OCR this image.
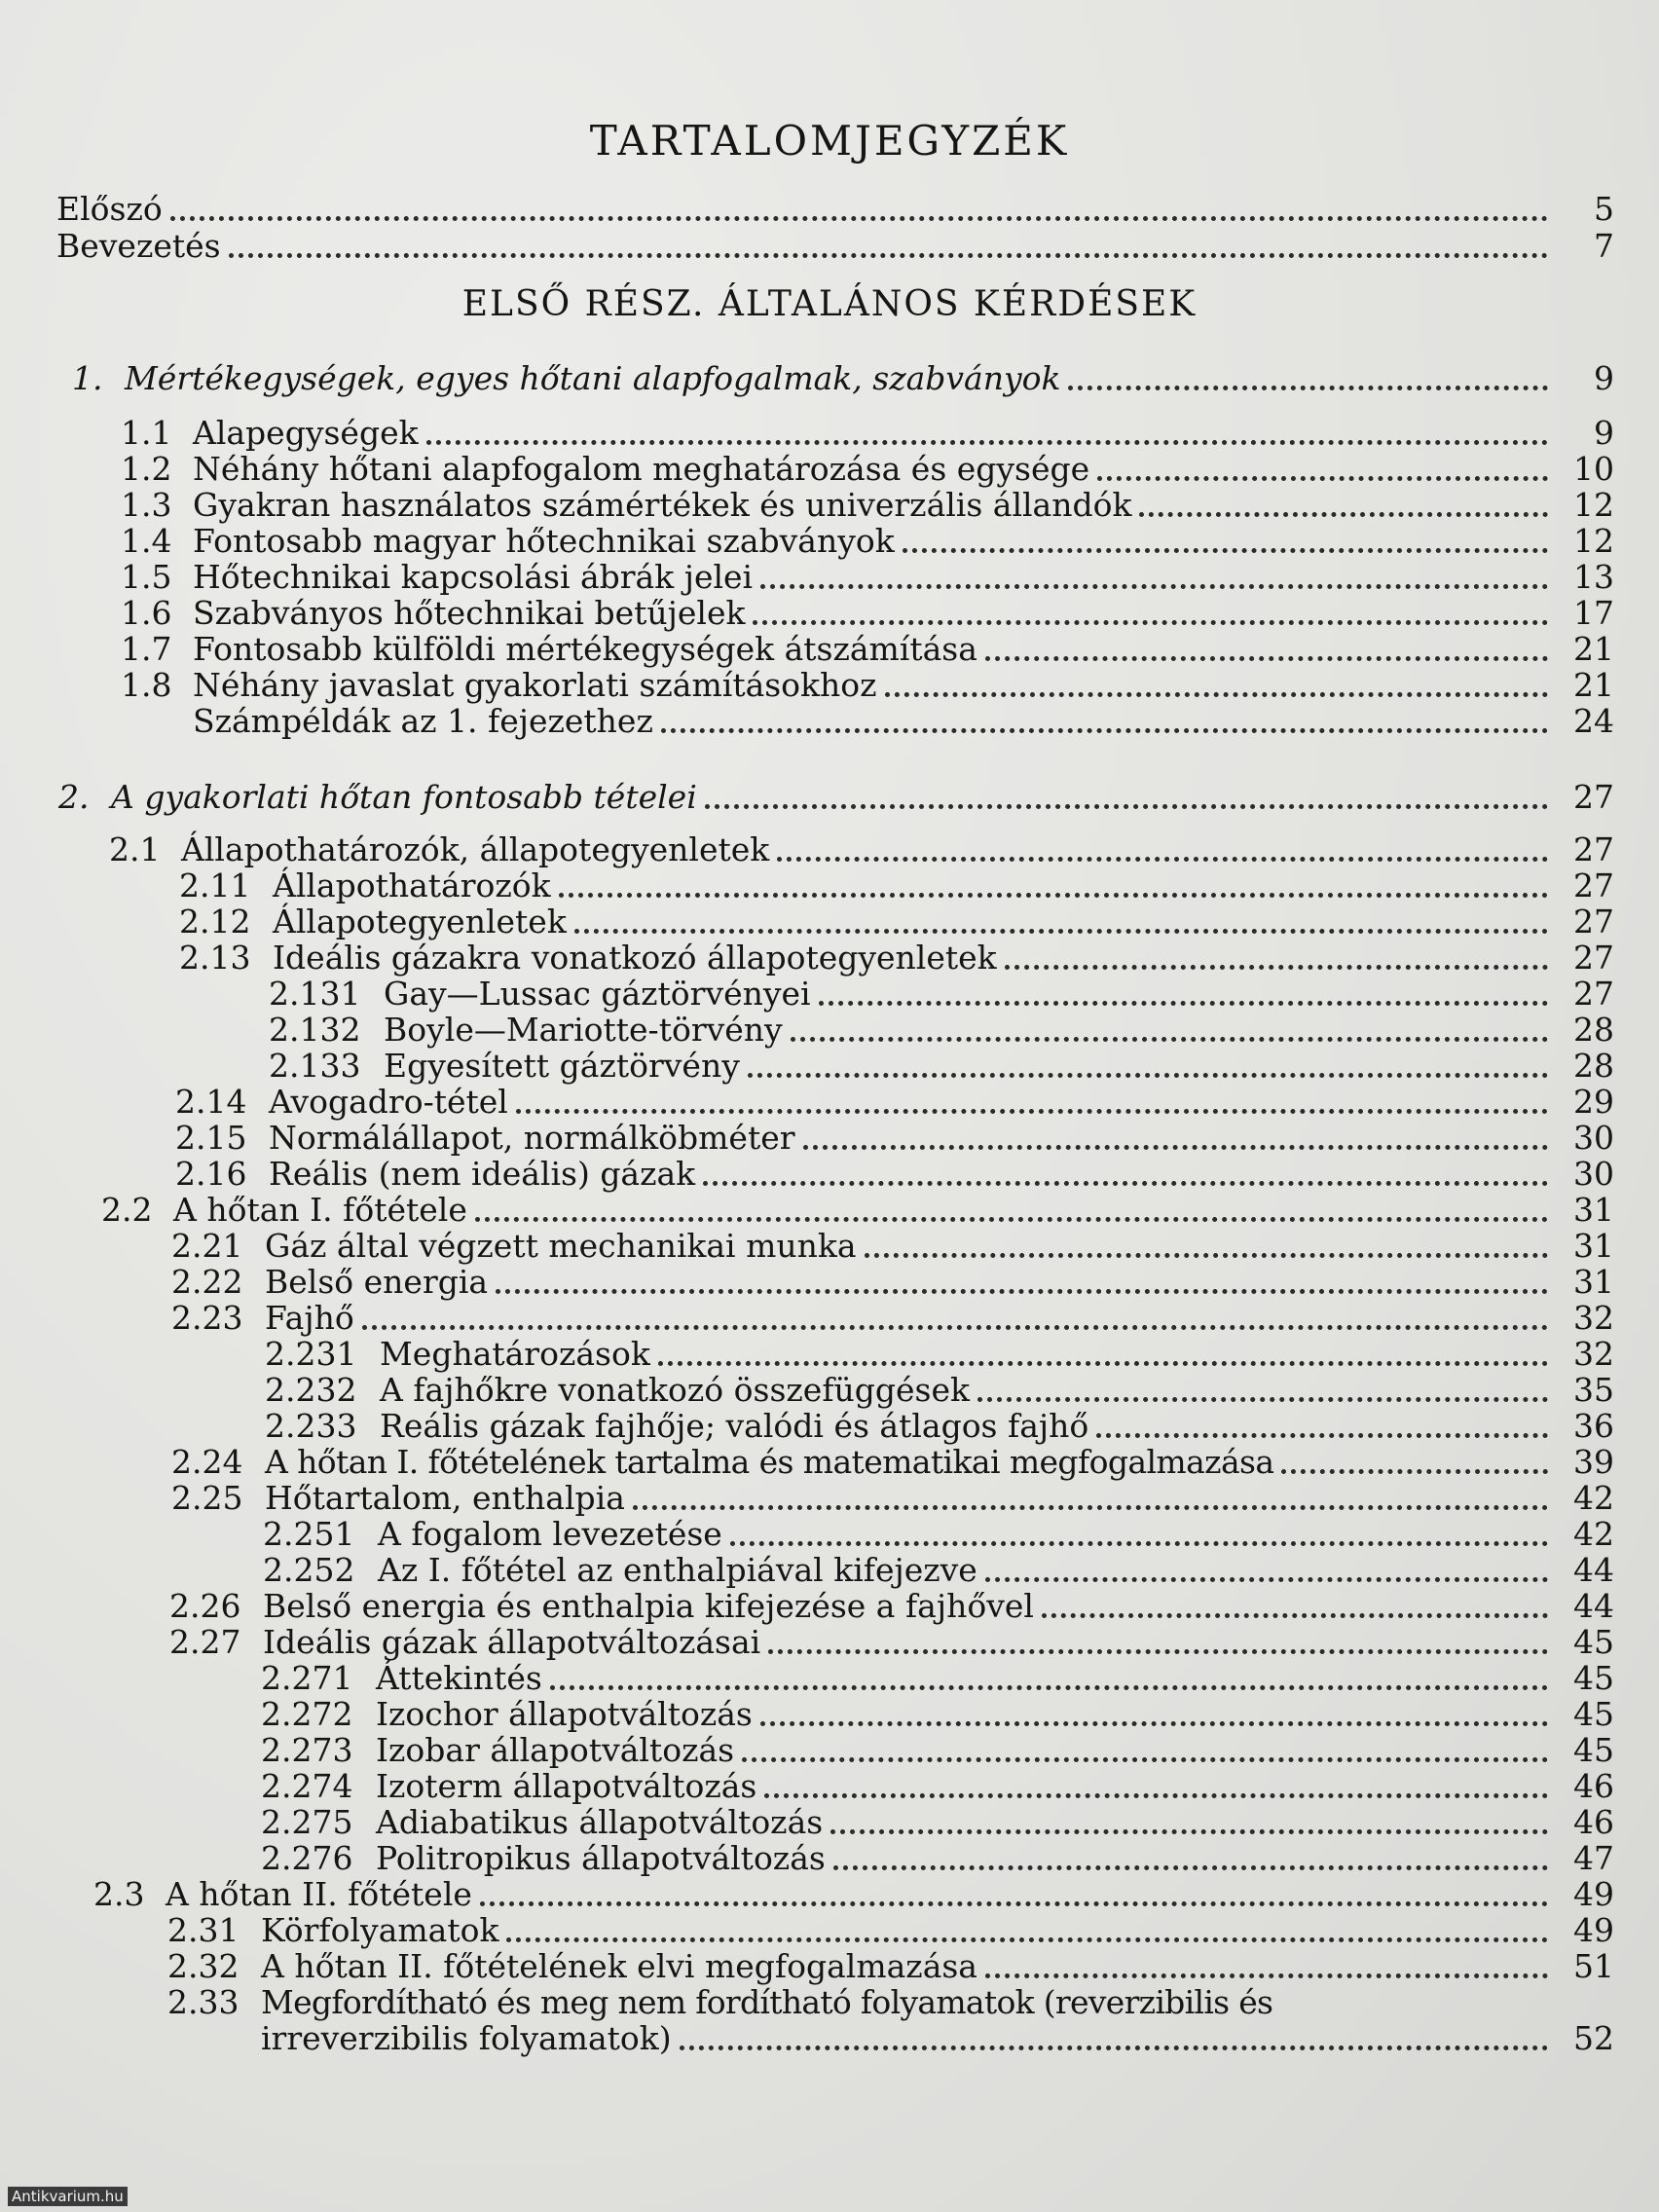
TARTALOMJEGYZÉK
Előszó	5
Bevezetés	7
ELSŐ RÉSZ. ÁLTALÁNOS KÉRDÉSEK
1. Mértékegységek, egyes hőtani alapfogalmak, szabványok	9
1.1 Alapegységek	9
1.2 Néhány hőtani alapfogalom meghatározása és egysége	10
1.3 Gyakran használatos számértékek és univerzális állandók	12
1.4 Fontosabb magyar hőtechnikai szabványok	12
1.5 Hőtechnikai kapcsolási ábrák jelei	13
1.6 Szabványos hőtechnikai betűjelek	17
1.7 Fontosabb külföldi mértékegységek átszámítása	21
1.8 Néhány javaslat gyakorlati számításokhoz	21
Számpéldák az 1. fejezethez	24
2. A gyakorlati hőtan fontosabb tételei	27
2.1 Állapothatározók, állapotegyenletek	27
2.11 Állapothatározók	27
2.12 Állapotegyenletek	27
2.13 Ideális gázakra vonatkozó állapotegyenletek	27
2.131 Gay—Lussac gáztörvényei	27
2.132 Boyle—Mariotte-törvény	28
2.133 Egyesített gáztörvény	28
2.14 Avogadro-tétel	29
2.15 Normálállapot, normálköbméter	30
2.16 Reális (nem ideális) gázak	30
2.2 A hőtan I. főtétele	31
2.21 Gáz által végzett mechanikai munka	31
2.22 Belső energia	31
2.23 Fajhő	32
2.231 Meghatározások	32
2.232 A fajhőkre vonatkozó összefüggések	35
2.233 Reális gázak fajhője; valódi és átlagos fajhő	36
2.24 A hőtan I. főtételének tartalma és matematikai megfogalmazása	39
2.25 Hőtartalom, enthalpia	42
2.251 A fogalom levezetése	42
2.252 Az I. főtétel az enthalpiával kifejezve	44
2.26 Belső energia és enthalpia kifejezése a fajhővel	44
2.27 Ideális gázak állapotváltozásai	45
2.271 Áttekintés	45
2.272 Izochor állapotváltozás	45
2.273 Izobar állapotváltozás	45
2.274 Izoterm állapotváltozás	46
2.275 Adiabatikus állapotváltozás	46
2.276 Politropikus állapotváltozás	47
2.3 A hőtan II. főtétele	49
2.31 Körfolyamatok	49
2.32 A hőtan II. főtételének elvi megfogalmazása	51
2.33 Megfordítható és meg nem fordítható folyamatok (reverzibilis és
irreverzibilis folyamatok)	52
Antikvarium.hu
